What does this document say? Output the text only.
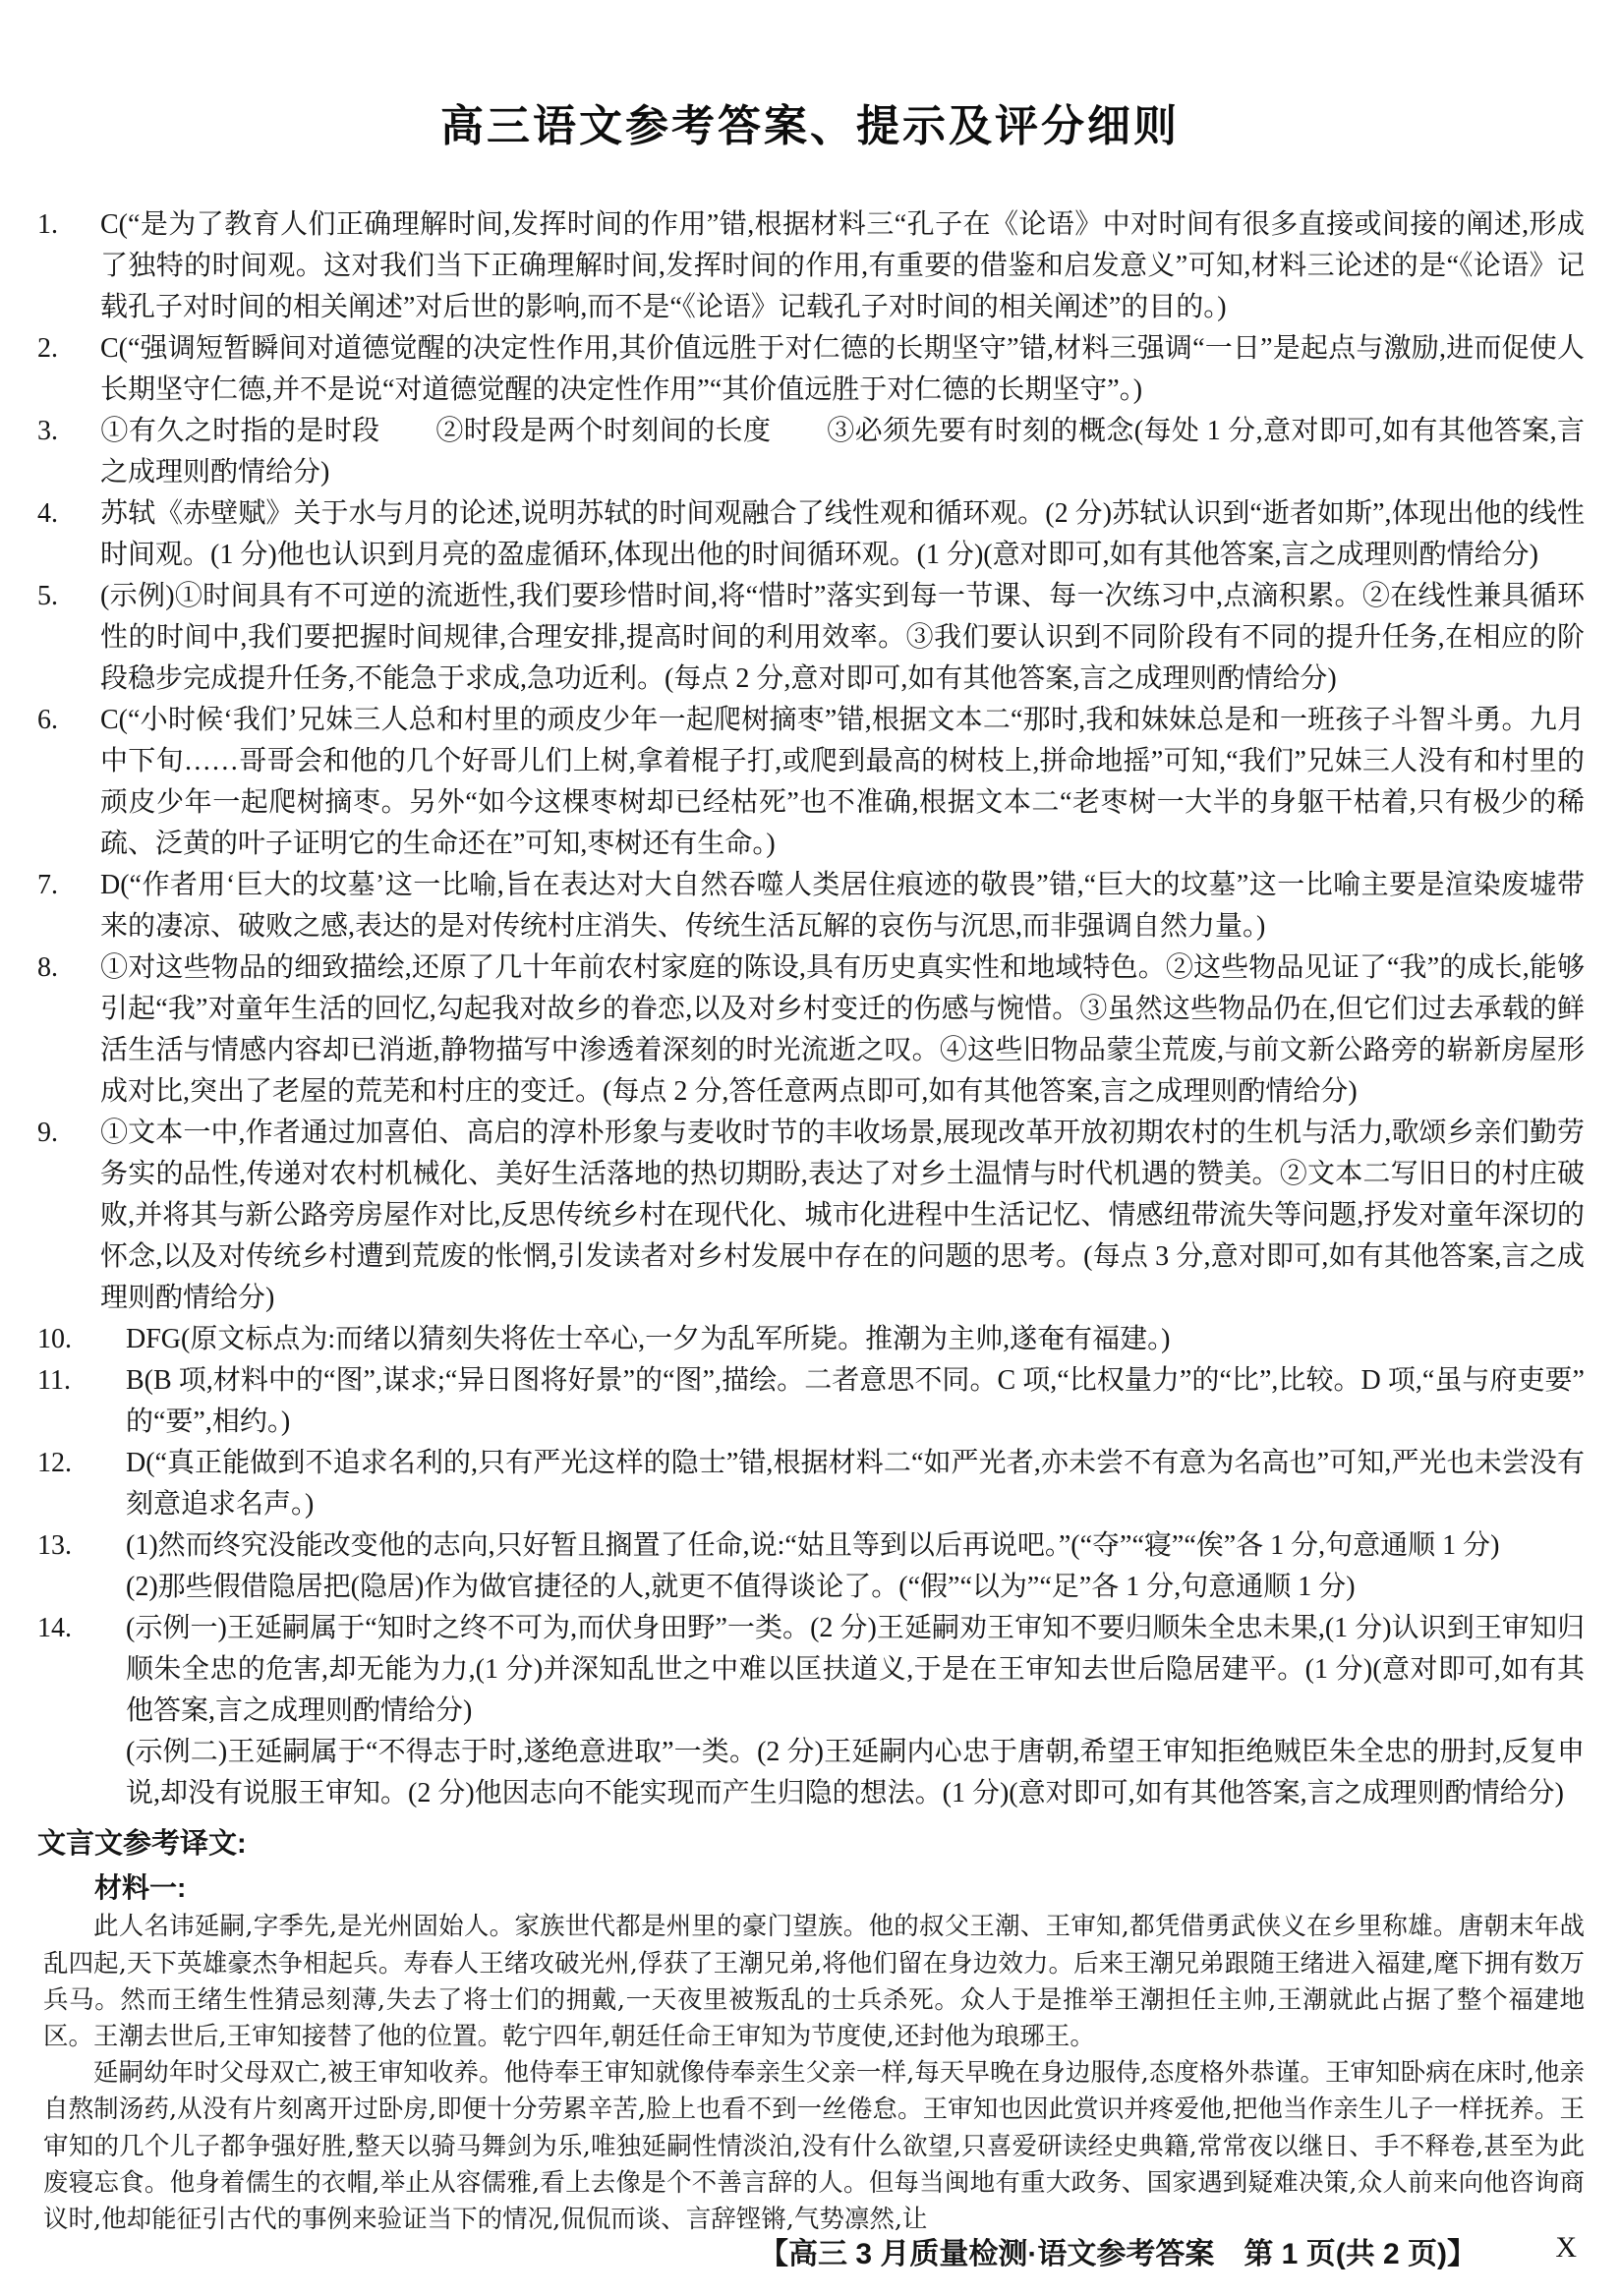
高三语文参考答案、提示及评分细则
1. C(“是为了教育人们正确理解时间,发挥时间的作用”错,根据材料三“孔子在《论语》中对时间有很多直接或间接的阐述,形成了独特的时间观。这对我们当下正确理解时间,发挥时间的作用,有重要的借鉴和启发意义”可知,材料三论述的是“《论语》记载孔子对时间的相关阐述”对后世的影响,而不是“《论语》记载孔子对时间的相关阐述”的目的。)
2. C(“强调短暂瞬间对道德觉醒的决定性作用,其价值远胜于对仁德的长期坚守”错,材料三强调“一日”是起点与激励,进而促使人长期坚守仁德,并不是说“对道德觉醒的决定性作用”“其价值远胜于对仁德的长期坚守”。)
3. ①有久之时指的是时段　　②时段是两个时刻间的长度　　③必须先要有时刻的概念(每处 1 分,意对即可,如有其他答案,言之成理则酌情给分)
4. 苏轼《赤壁赋》关于水与月的论述,说明苏轼的时间观融合了线性观和循环观。(2 分)苏轼认识到“逝者如斯”,体现出他的线性时间观。(1 分)他也认识到月亮的盈虚循环,体现出他的时间循环观。(1 分)(意对即可,如有其他答案,言之成理则酌情给分)
5. (示例)①时间具有不可逆的流逝性,我们要珍惜时间,将“惜时”落实到每一节课、每一次练习中,点滴积累。②在线性兼具循环性的时间中,我们要把握时间规律,合理安排,提高时间的利用效率。③我们要认识到不同阶段有不同的提升任务,在相应的阶段稳步完成提升任务,不能急于求成,急功近利。(每点 2 分,意对即可,如有其他答案,言之成理则酌情给分)
6. C(“小时候‘我们’兄妹三人总和村里的顽皮少年一起爬树摘枣”错,根据文本二“那时,我和妹妹总是和一班孩子斗智斗勇。九月中下旬……哥哥会和他的几个好哥儿们上树,拿着棍子打,或爬到最高的树枝上,拼命地摇”可知,“我们”兄妹三人没有和村里的顽皮少年一起爬树摘枣。另外“如今这棵枣树却已经枯死”也不准确,根据文本二“老枣树一大半的身躯干枯着,只有极少的稀疏、泛黄的叶子证明它的生命还在”可知,枣树还有生命。)
7. D(“作者用‘巨大的坟墓’这一比喻,旨在表达对大自然吞噬人类居住痕迹的敬畏”错,“巨大的坟墓”这一比喻主要是渲染废墟带来的凄凉、破败之感,表达的是对传统村庄消失、传统生活瓦解的哀伤与沉思,而非强调自然力量。)
8. ①对这些物品的细致描绘,还原了几十年前农村家庭的陈设,具有历史真实性和地域特色。②这些物品见证了“我”的成长,能够引起“我”对童年生活的回忆,勾起我对故乡的眷恋,以及对乡村变迁的伤感与惋惜。③虽然这些物品仍在,但它们过去承载的鲜活生活与情感内容却已消逝,静物描写中渗透着深刻的时光流逝之叹。④这些旧物品蒙尘荒废,与前文新公路旁的崭新房屋形成对比,突出了老屋的荒芜和村庄的变迁。(每点 2 分,答任意两点即可,如有其他答案,言之成理则酌情给分)
9. ①文本一中,作者通过加喜伯、高启的淳朴形象与麦收时节的丰收场景,展现改革开放初期农村的生机与活力,歌颂乡亲们勤劳务实的品性,传递对农村机械化、美好生活落地的热切期盼,表达了对乡土温情与时代机遇的赞美。②文本二写旧日的村庄破败,并将其与新公路旁房屋作对比,反思传统乡村在现代化、城市化进程中生活记忆、情感纽带流失等问题,抒发对童年深切的怀念,以及对传统乡村遭到荒废的怅惘,引发读者对乡村发展中存在的问题的思考。(每点 3 分,意对即可,如有其他答案,言之成理则酌情给分)
10. DFG(原文标点为:而绪以猜刻失将佐士卒心,一夕为乱军所毙。推潮为主帅,遂奄有福建。)
11. B(B 项,材料中的“图”,谋求;“异日图将好景”的“图”,描绘。二者意思不同。C 项,“比权量力”的“比”,比较。D 项,“虽与府吏要”的“要”,相约。)
12. D(“真正能做到不追求名利的,只有严光这样的隐士”错,根据材料二“如严光者,亦未尝不有意为名高也”可知,严光也未尝没有刻意追求名声。)
13. (1)然而终究没能改变他的志向,只好暂且搁置了任命,说:“姑且等到以后再说吧。”(“夺”“寝”“俟”各 1 分,句意通顺 1 分)
(2)那些假借隐居把(隐居)作为做官捷径的人,就更不值得谈论了。(“假”“以为”“足”各 1 分,句意通顺 1 分)
14. (示例一)王延嗣属于“知时之终不可为,而伏身田野”一类。(2 分)王延嗣劝王审知不要归顺朱全忠未果,(1 分)认识到王审知归顺朱全忠的危害,却无能为力,(1 分)并深知乱世之中难以匡扶道义,于是在王审知去世后隐居建平。(1 分)(意对即可,如有其他答案,言之成理则酌情给分)
(示例二)王延嗣属于“不得志于时,遂绝意进取”一类。(2 分)王延嗣内心忠于唐朝,希望王审知拒绝贼臣朱全忠的册封,反复申说,却没有说服王审知。(2 分)他因志向不能实现而产生归隐的想法。(1 分)(意对即可,如有其他答案,言之成理则酌情给分)
文言文参考译文:
材料一:

此人名讳延嗣,字季先,是光州固始人。家族世代都是州里的豪门望族。他的叔父王潮、王审知,都凭借勇武侠义在乡里称雄。唐朝末年战乱四起,天下英雄豪杰争相起兵。寿春人王绪攻破光州,俘获了王潮兄弟,将他们留在身边效力。后来王潮兄弟跟随王绪进入福建,麾下拥有数万兵马。然而王绪生性猜忌刻薄,失去了将士们的拥戴,一天夜里被叛乱的士兵杀死。众人于是推举王潮担任主帅,王潮就此占据了整个福建地区。王潮去世后,王审知接替了他的位置。乾宁四年,朝廷任命王审知为节度使,还封他为琅琊王。

延嗣幼年时父母双亡,被王审知收养。他侍奉王审知就像侍奉亲生父亲一样,每天早晚在身边服侍,态度格外恭谨。王审知卧病在床时,他亲自熬制汤药,从没有片刻离开过卧房,即便十分劳累辛苦,脸上也看不到一丝倦怠。王审知也因此赏识并疼爱他,把他当作亲生儿子一样抚养。王审知的几个儿子都争强好胜,整天以骑马舞剑为乐,唯独延嗣性情淡泊,没有什么欲望,只喜爱研读经史典籍,常常夜以继日、手不释卷,甚至为此废寝忘食。他身着儒生的衣帽,举止从容儒雅,看上去像是个不善言辞的人。但每当闽地有重大政务、国家遇到疑难决策,众人前来向他咨询商议时,他却能征引古代的事例来验证当下的情况,侃侃而谈、言辞铿锵,气势凛然,让

【高三 3 月质量检测·语文参考答案　第 1 页(共 2 页)】	X
